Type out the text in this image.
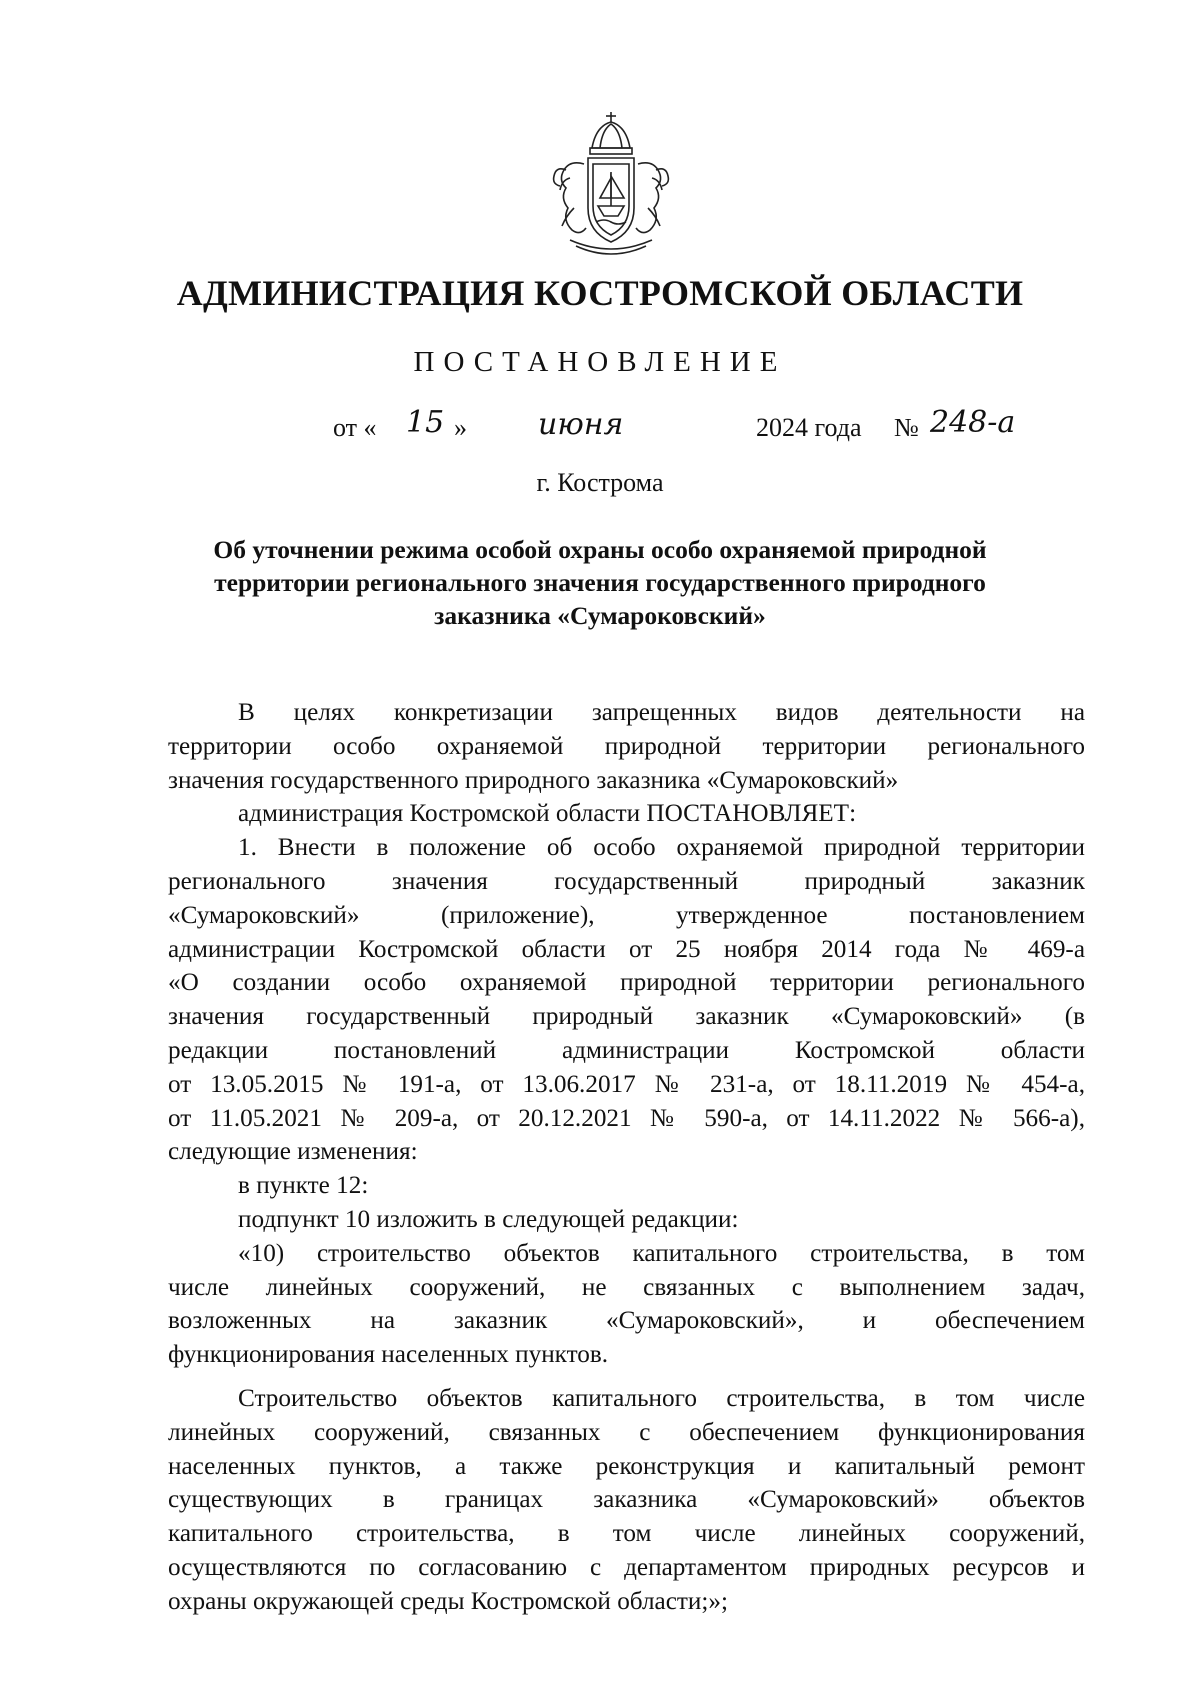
АДМИНИСТРАЦИЯ КОСТРОМСКОЙ ОБЛАСТИ
ПОСТАНОВЛЕНИЕ
от « 15 » июня	2024 года № 248-а
г. Кострома
Об уточнении режима особой охраны особо охраняемой природной
территории регионального значения государственного природного
заказника «Сумароковский»
В целях конкретизации запрещенных видов деятельности на
территории особо охраняемой природной территории регионального
значения государственного природного заказника «Сумароковский»
администрация Костромской области ПОСТАНОВЛЯЕТ:
1. Внести в положение об особо охраняемой природной территории
регионального значения государственный природный заказник
«Сумароковский» (приложение), утвержденное постановлением
администрации Костромской области от 25 ноября 2014 года № 469-а
«О создании особо охраняемой природной территории регионального
значения государственный природный заказник «Сумароковский» (в
редакции постановлений администрации Костромской области
от 13.05.2015 № 191-а, от 13.06.2017 № 231-а, от 18.11.2019 № 454-а,
от 11.05.2021 № 209-а, от 20.12.2021 № 590-а, от 14.11.2022 № 566-а),
следующие изменения:
в пункте 12:
подпункт 10 изложить в следующей редакции:
«10) строительство объектов капитального строительства, в том
числе линейных сооружений, не связанных с выполнением задач,
возложенных на заказник «Сумароковский», и обеспечением
функционирования населенных пунктов.
Строительство объектов капитального строительства, в том числе
линейных сооружений, связанных с обеспечением функционирования
населенных пунктов, а также реконструкция и капитальный ремонт
существующих в границах заказника «Сумароковский» объектов
капитального строительства, в том числе линейных сооружений,
осуществляются по согласованию с департаментом природных ресурсов и
охраны окружающей среды Костромской области;»;
